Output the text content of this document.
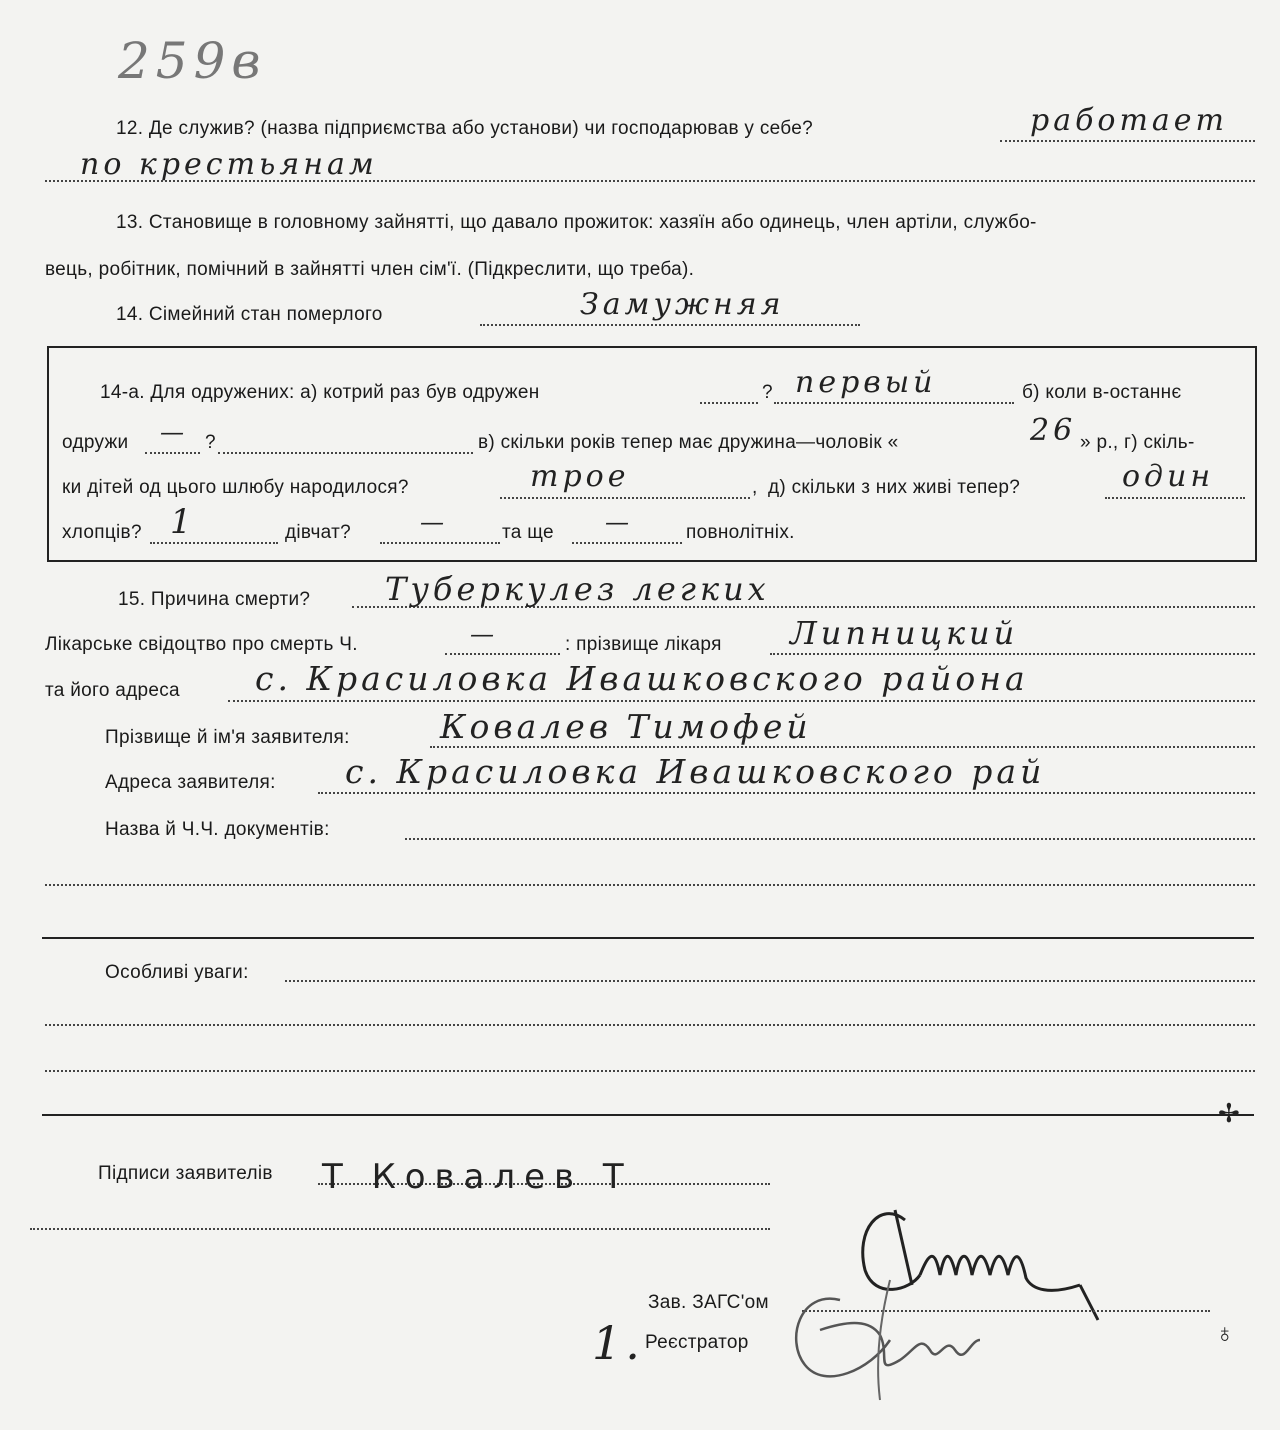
259в
12. Де служив? (назва підприємства або установи) чи господарював у себе?	работает
по крестьянам
13. Становище в головному зайнятті, що давало прожиток: хазяїн або одинець, член артіли, службо-
вець, робітник, помічний в зайнятті член сім'ї. (Підкреслити, що треба).
14. Сімейний стан померлого	Замужняя
14-а. Для одружених: а) котрий раз був одружен	? первый	б) коли в-останнє
одружи — ?	в) скільки років тепер має дружина—чоловік «	26 » р., г) скіль-
ки дітей од цього шлюбу народилося?	трое	, д) скільки з них живі тепер?	один
хлопців? 1	дівчат?	—	та ще —	повнолітніх.
15. Причина смерти? Туберкулез легких
Лікарське свідоцтво про смерть Ч.	—	: прізвище лікаря Липницкий
та його адреса с. Красиловка Ивашковского района
Прізвище й ім'я заявителя:	Ковалев Тимофей
Адреса заявителя: с. Красиловка Ивашковского рай
Назва й Ч.Ч. документів:
Особливі уваги:
✢
Підписи заявителів Т Ковалев Т
Зав. ЗАГС'ом
♁
1. Реєстратор
